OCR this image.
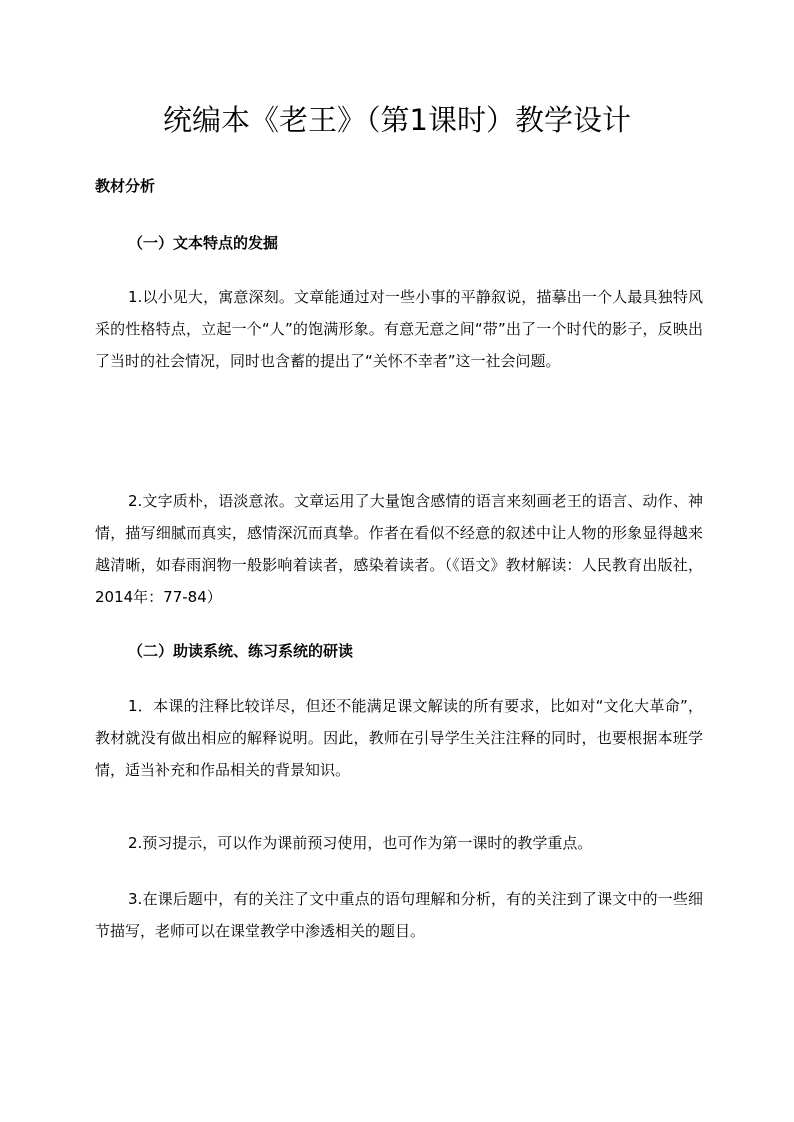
统编本《老王》（第1课时）教学设计
教材分析
（一）文本特点的发掘

1.以小见大，寓意深刻。文章能通过对一些小事的平静叙说，描摹出一个人最具独特风采的性格特点，立起一个“人”的饱满形象。有意无意之间“带”出了一个时代的影子，反映出了当时的社会情况，同时也含蓄的提出了“关怀不幸者”这一社会问题。

2.文字质朴，语淡意浓。文章运用了大量饱含感情的语言来刻画老王的语言、动作、神情，描写细腻而真实，感情深沉而真挚。作者在看似不经意的叙述中让人物的形象显得越来越清晰，如春雨润物一般影响着读者，感染着读者。（《语文》教材解读：人民教育出版社，2014年：77-84）

（二）助读系统、练习系统的研读

1．本课的注释比较详尽，但还不能满足课文解读的所有要求，比如对“文化大革命”，教材就没有做出相应的解释说明。因此，教师在引导学生关注注释的同时，也要根据本班学情，适当补充和作品相关的背景知识。

2.预习提示，可以作为课前预习使用，也可作为第一课时的教学重点。

3.在课后题中，有的关注了文中重点的语句理解和分析，有的关注到了课文中的一些细节描写，老师可以在课堂教学中渗透相关的题目。
